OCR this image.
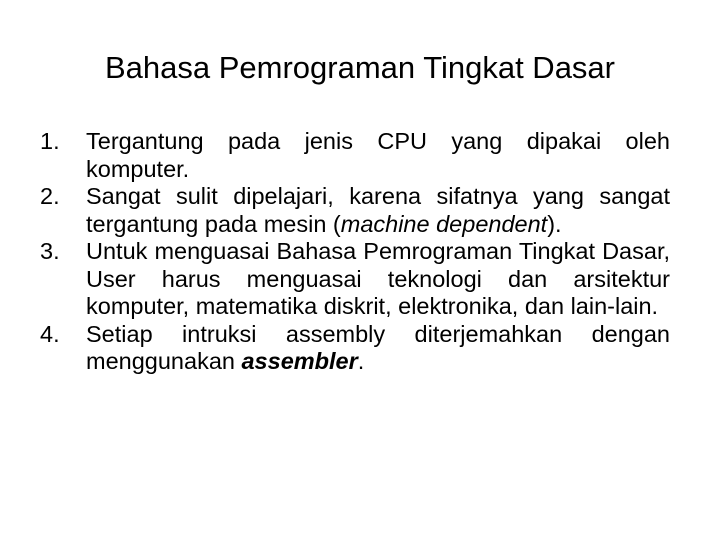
Bahasa Pemrograman Tingkat Dasar
1.	Tergantung pada jenis CPU yang dipakai oleh komputer.
2.	Sangat sulit dipelajari, karena sifatnya yang sangat tergantung pada mesin (machine dependent).
3.	Untuk menguasai Bahasa Pemrograman Tingkat Dasar, User harus menguasai teknologi dan arsitektur komputer, matematika diskrit, elektronika, dan lain-lain.
4.	Setiap intruksi assembly diterjemahkan dengan menggunakan assembler.
